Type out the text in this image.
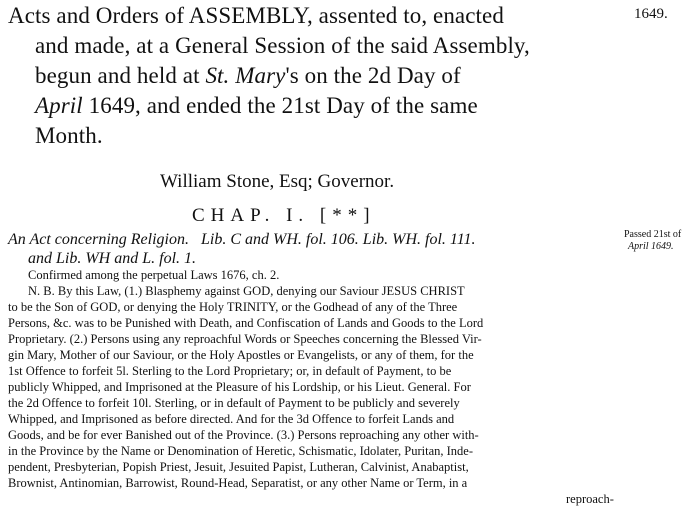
Acts and Orders of ASSEMBLY, assented to, enacted
and made, at a General Session of the said Assembly,
begun and held at St. Mary's on the 2d Day of
April 1649, and ended the 21st Day of the same
Month.
1649.
William Stone, Esq; Governor.
CHAP. I. [**]
An Act concerning Religion. Lib. C and WH. fol. 106. Lib. WH. fol. 111.
and Lib. WH and L. fol. 1.
Passed 21st of
April 1649.
Confirmed among the perpetual Laws 1676, ch. 2.
N. B. By this Law, (1.) Blasphemy against GOD, denying our Saviour JESUS CHRIST
to be the Son of GOD, or denying the Holy TRINITY, or the Godhead of any of the Three
Persons, &c. was to be Punished with Death, and Confiscation of Lands and Goods to the Lord
Proprietary. (2.) Persons using any reproachful Words or Speeches concerning the Blessed Vir-
gin Mary, Mother of our Saviour, or the Holy Apostles or Evangelists, or any of them, for the
1st Offence to forfeit 5l. Sterling to the Lord Proprietary; or, in default of Payment, to be
publicly Whipped, and Imprisoned at the Pleasure of his Lordship, or his Lieut. General. For
the 2d Offence to forfeit 10l. Sterling, or in default of Payment to be publicly and severely
Whipped, and Imprisoned as before directed. And for the 3d Offence to forfeit Lands and
Goods, and be for ever Banished out of the Province. (3.) Persons reproaching any other with-
in the Province by the Name or Denomination of Heretic, Schismatic, Idolater, Puritan, Inde-
pendent, Presbyterian, Popish Priest, Jesuit, Jesuited Papist, Lutheran, Calvinist, Anabaptist,
Brownist, Antinomian, Barrowist, Round-Head, Separatist, or any other Name or Term, in a
reproach-
